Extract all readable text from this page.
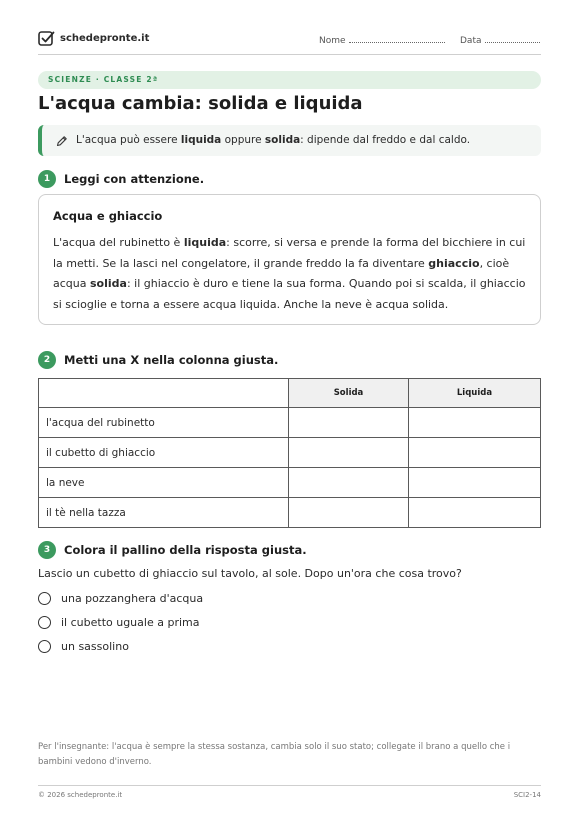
schedepronte.it	Nome	Data
SCIENZE · CLASSE 2ª
L'acqua cambia: solida e liquida
L'acqua può essere liquida oppure solida: dipende dal freddo e dal caldo.
1	Leggi con attenzione.
Acqua e ghiaccio
L'acqua del rubinetto è liquida: scorre, si versa e prende la forma del bicchiere in cui la metti. Se la lasci nel congelatore, il grande freddo la fa diventare ghiaccio, cioè acqua solida: il ghiaccio è duro e tiene la sua forma. Quando poi si scalda, il ghiaccio si scioglie e torna a essere acqua liquida. Anche la neve è acqua solida.
2	Metti una X nella colonna giusta.
	Solida	Liquida
l'acqua del rubinetto		
il cubetto di ghiaccio		
la neve		
il tè nella tazza		
3	Colora il pallino della risposta giusta.
Lascio un cubetto di ghiaccio sul tavolo, al sole. Dopo un'ora che cosa trovo?
una pozzanghera d'acqua
il cubetto uguale a prima
un sassolino
Per l'insegnante: l'acqua è sempre la stessa sostanza, cambia solo il suo stato; collegate il brano a quello che i bambini vedono d'inverno.
© 2026 schedepronte.it	SCI2-14
